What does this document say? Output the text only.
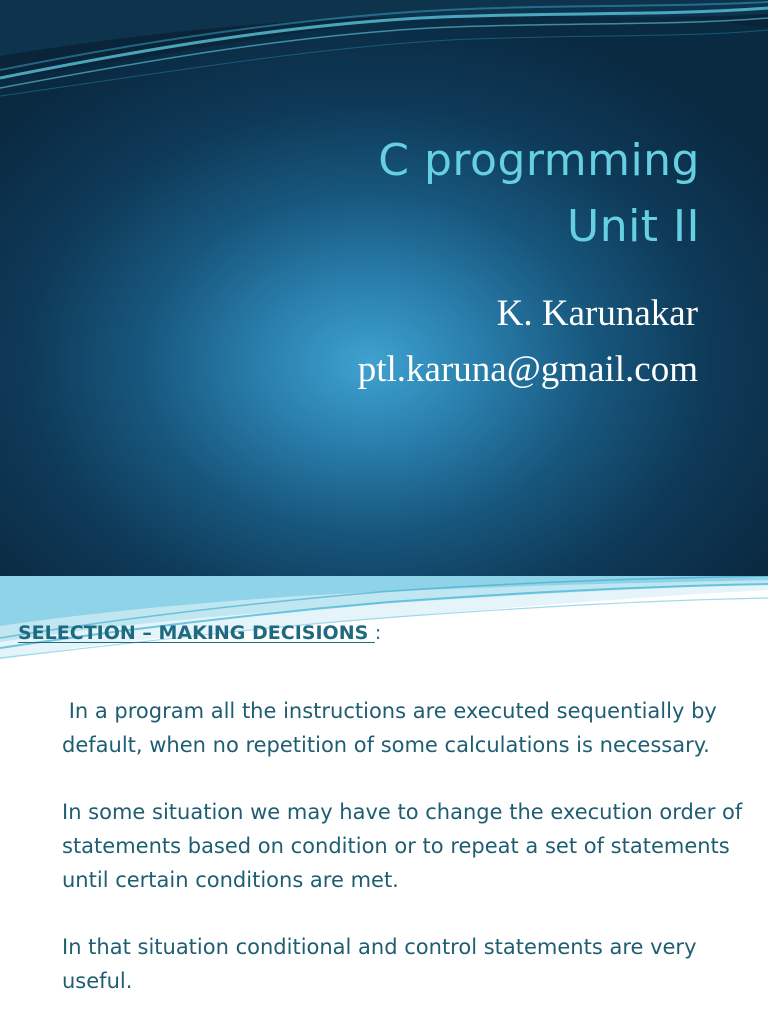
C progrmming
Unit II
K. Karunakar
ptl.karuna@gmail.com
SELECTION – MAKING DECISIONS :

In a program all the instructions are executed sequentially by default, when no repetition of some calculations is necessary.

In some situation we may have to change the execution order of statements based on condition or to repeat a set of statements until certain conditions are met.

In that situation conditional and control statements are very useful.
